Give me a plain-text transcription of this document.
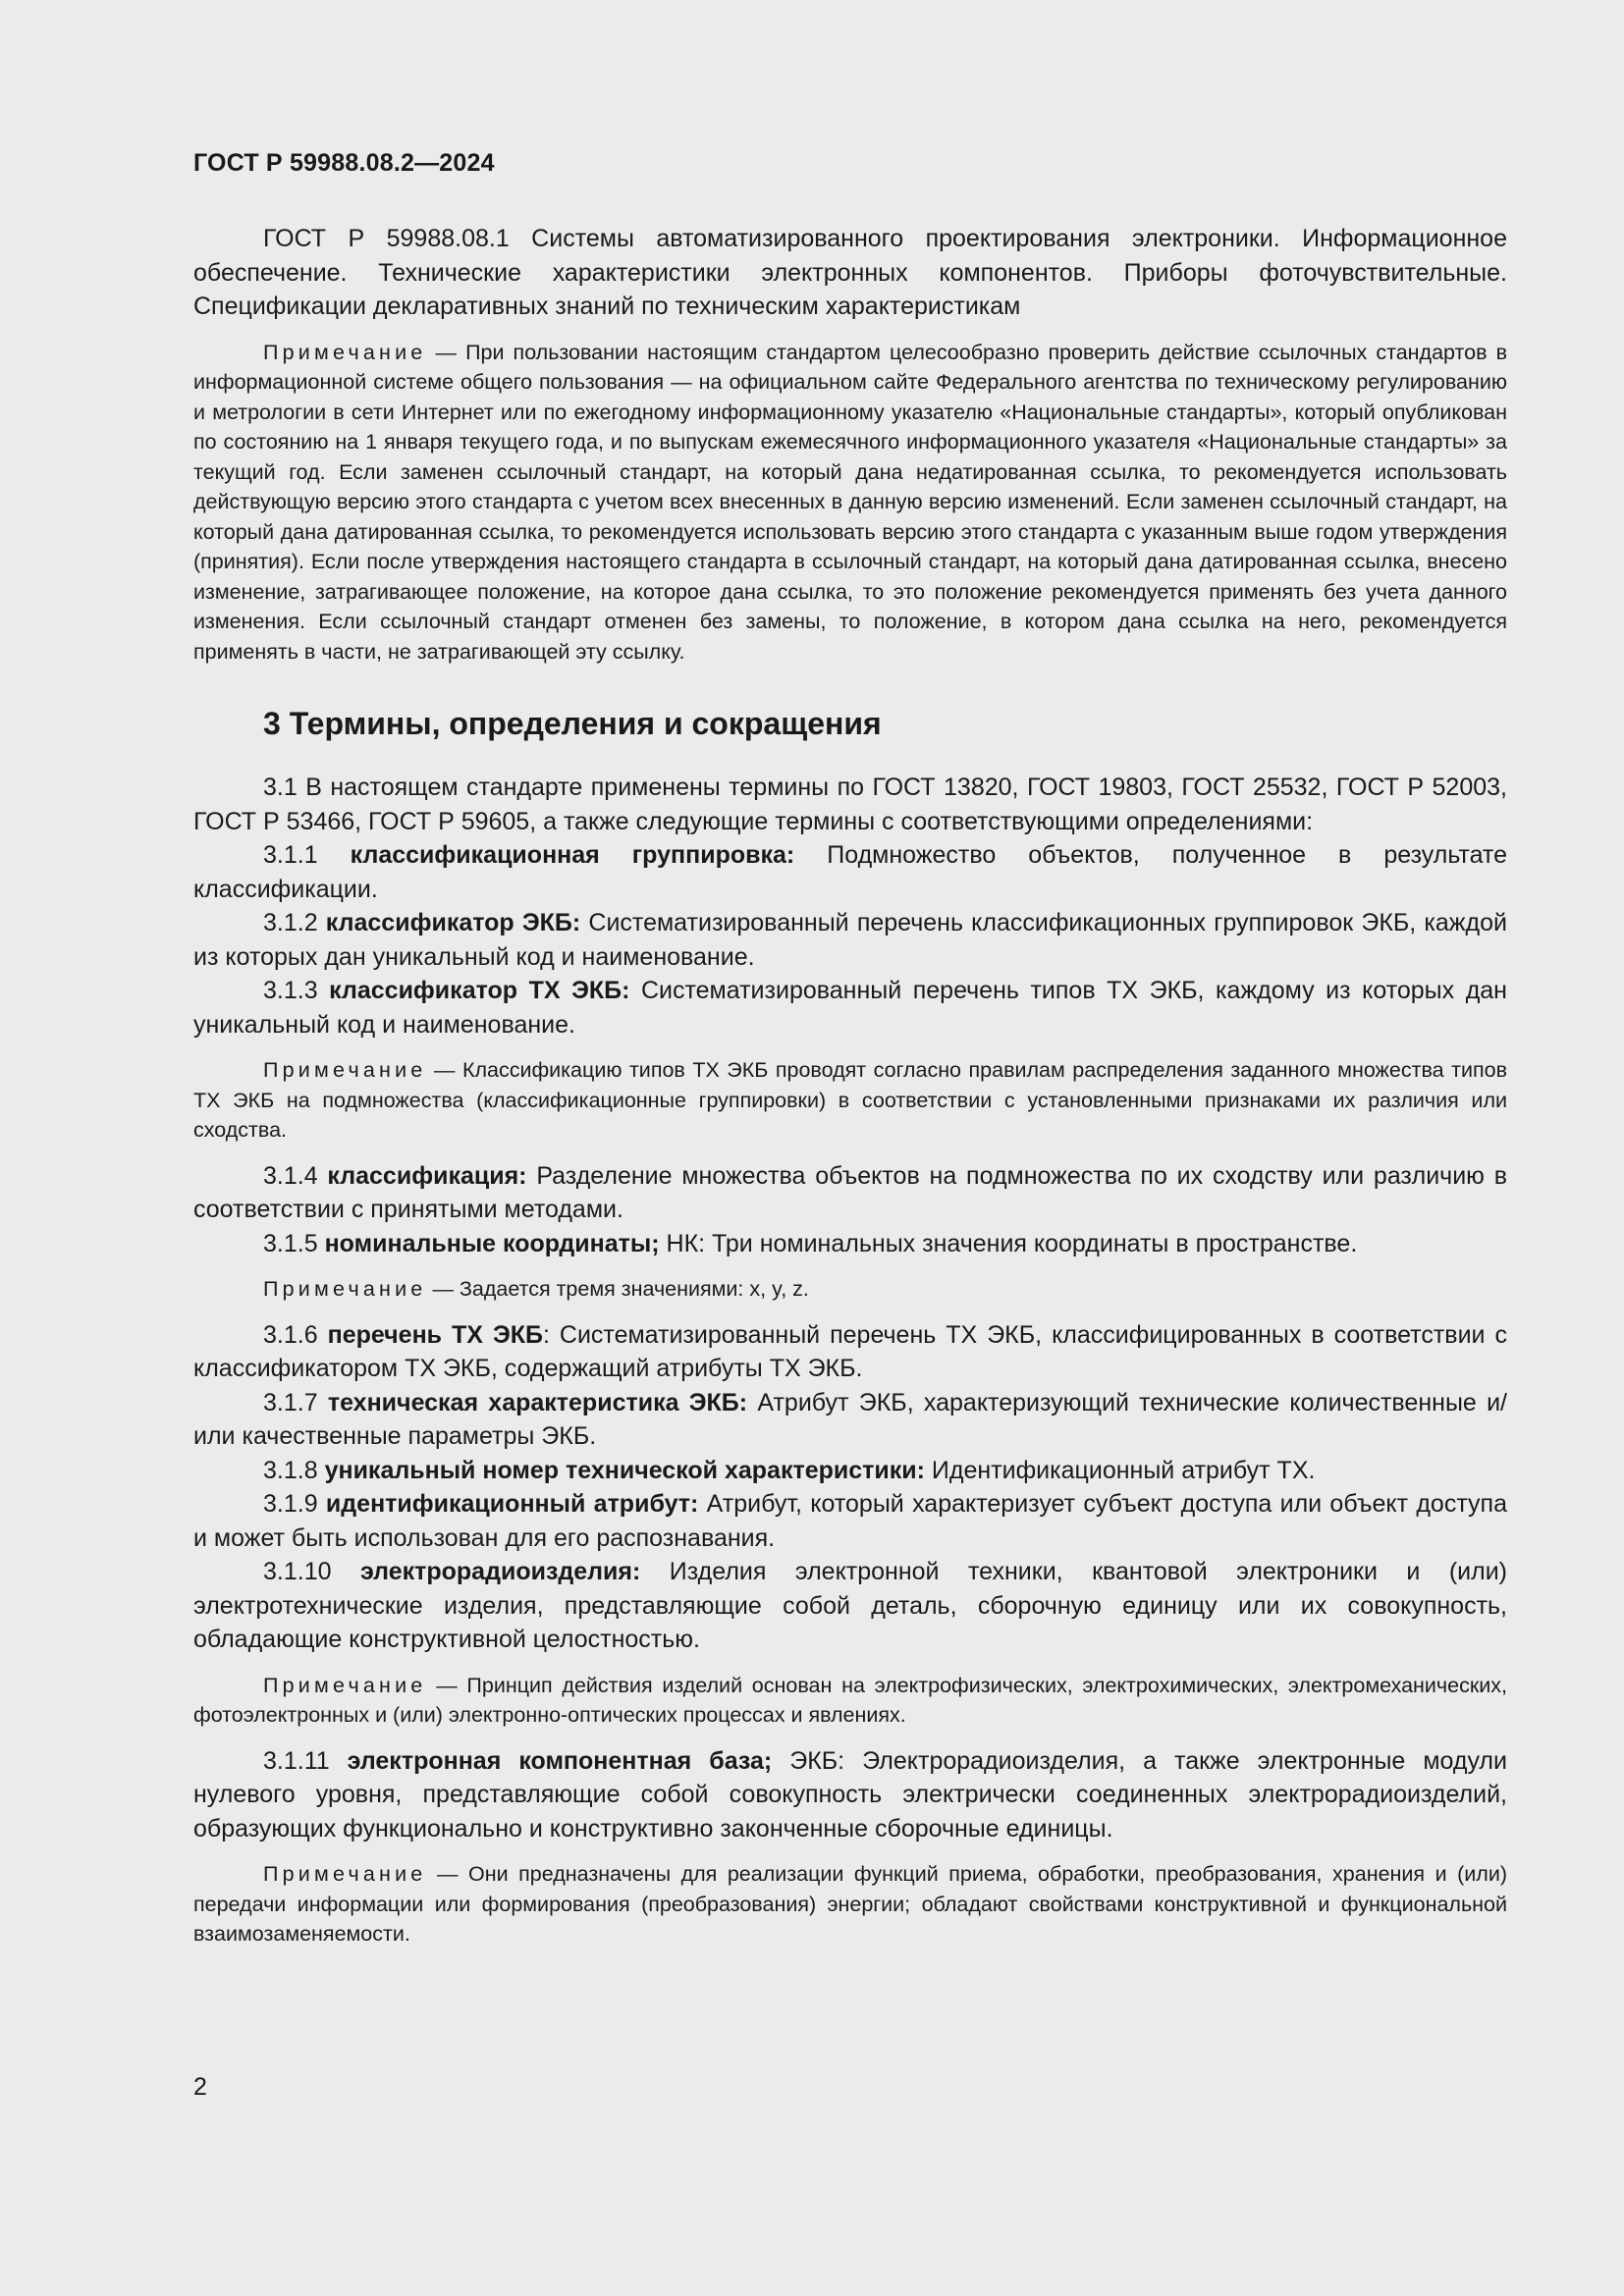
ГОСТ Р 59988.08.2—2024

ГОСТ Р 59988.08.1 Системы автоматизированного проектирования электроники. Информационное обеспечение. Технические характеристики электронных компонентов. Приборы фоточувствительные. Спецификации декларативных знаний по техническим характеристикам

Примечание — При пользовании настоящим стандартом целесообразно проверить действие ссылочных стандартов в информационной системе общего пользования — на официальном сайте Федерального агентства по техническому регулированию и метрологии в сети Интернет или по ежегодному информационному указателю «Национальные стандарты», который опубликован по состоянию на 1 января текущего года, и по выпускам ежемесячного информационного указателя «Национальные стандарты» за текущий год. Если заменен ссылочный стандарт, на который дана недатированная ссылка, то рекомендуется использовать действующую версию этого стандарта с учетом всех внесенных в данную версию изменений. Если заменен ссылочный стандарт, на который дана датированная ссылка, то рекомендуется использовать версию этого стандарта с указанным выше годом утверждения (принятия). Если после утверждения настоящего стандарта в ссылочный стандарт, на который дана датированная ссылка, внесено изменение, затрагивающее положение, на которое дана ссылка, то это положение рекомендуется применять без учета данного изменения. Если ссылочный стандарт отменен без замены, то положение, в котором дана ссылка на него, рекомендуется применять в части, не затрагивающей эту ссылку.

3 Термины, определения и сокращения

3.1 В настоящем стандарте применены термины по ГОСТ 13820, ГОСТ 19803, ГОСТ 25532, ГОСТ Р 52003, ГОСТ Р 53466, ГОСТ Р 59605, а также следующие термины с соответствующими определениями:

3.1.1 классификационная группировка: Подмножество объектов, полученное в результате классификации.

3.1.2 классификатор ЭКБ: Систематизированный перечень классификационных группировок ЭКБ, каждой из которых дан уникальный код и наименование.

3.1.3 классификатор ТХ ЭКБ: Систематизированный перечень типов ТХ ЭКБ, каждому из которых дан уникальный код и наименование.

Примечание — Классификацию типов ТХ ЭКБ проводят согласно правилам распределения заданного множества типов ТХ ЭКБ на подмножества (классификационные группировки) в соответствии с установленными признаками их различия или сходства.

3.1.4 классификация: Разделение множества объектов на подмножества по их сходству или различию в соответствии с принятыми методами.

3.1.5 номинальные координаты; НК: Три номинальных значения координаты в пространстве.

Примечание — Задается тремя значениями: x, y, z.

3.1.6 перечень ТХ ЭКБ: Систематизированный перечень ТХ ЭКБ, классифицированных в соответствии с классификатором ТХ ЭКБ, содержащий атрибуты ТХ ЭКБ.

3.1.7 техническая характеристика ЭКБ: Атрибут ЭКБ, характеризующий технические количественные и/или качественные параметры ЭКБ.

3.1.8 уникальный номер технической характеристики: Идентификационный атрибут ТХ.

3.1.9 идентификационный атрибут: Атрибут, который характеризует субъект доступа или объект доступа и может быть использован для его распознавания.

3.1.10 электрорадиоизделия: Изделия электронной техники, квантовой электроники и (или) электротехнические изделия, представляющие собой деталь, сборочную единицу или их совокупность, обладающие конструктивной целостностью.

Примечание — Принцип действия изделий основан на электрофизических, электрохимических, электромеханических, фотоэлектронных и (или) электронно-оптических процессах и явлениях.

3.1.11 электронная компонентная база; ЭКБ: Электрорадиоизделия, а также электронные модули нулевого уровня, представляющие собой совокупность электрически соединенных электрорадиоизделий, образующих функционально и конструктивно законченные сборочные единицы.

Примечание — Они предназначены для реализации функций приема, обработки, преобразования, хранения и (или) передачи информации или формирования (преобразования) энергии; обладают свойствами конструктивной и функциональной взаимозаменяемости.

2
